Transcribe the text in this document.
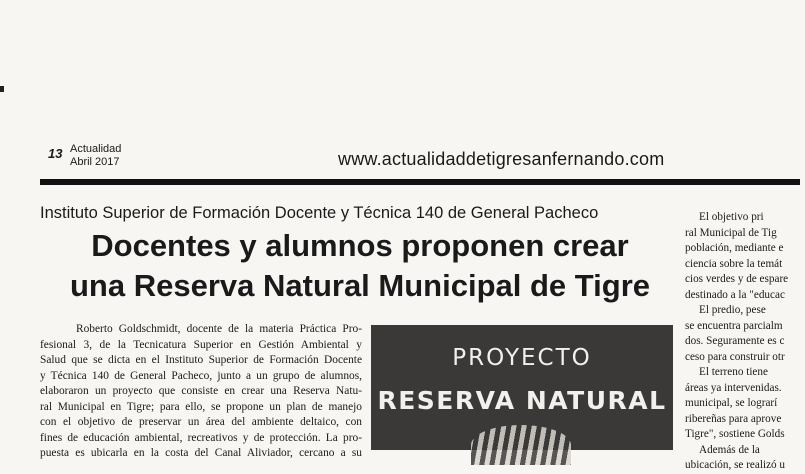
13 Actualidad
Abril 2017	www.actualidaddetigresanfernando.com
Instituto Superior de Formación Docente y Técnica 140 de General Pacheco
Docentes y alumnos proponen crear
una Reserva Natural Municipal de Tigre
Roberto Goldschmidt, docente de la materia Práctica Pro-
fesional 3, de la Tecnicatura Superior en Gestión Ambiental y
Salud que se dicta en el Instituto Superior de Formación Docente
y Técnica 140 de General Pacheco, junto a un grupo de alumnos,
elaboraron un proyecto que consiste en crear una Reserva Natu-
ral Municipal en Tigre; para ello, se propone un plan de manejo
con el objetivo de preservar un área del ambiente deltaico, con
fines de educación ambiental, recreativos y de protección. La pro-
puesta es ubicarla en la costa del Canal Aliviador, cercano a su
PROYECTO
RESERVA NATURAL
El objetivo pri
ral Municipal de Tig
población, mediante e
ciencia sobre la temát
cios verdes y de espare
destinado a la "educac
El predio, pese
se encuentra parcialm
dos. Seguramente es c
ceso para construir otr
El terreno tiene
áreas ya intervenidas.
municipal, se lograrí
ribereñas para aprove
Tigre", sostiene Golds
Además de la
ubicación, se realizó u
